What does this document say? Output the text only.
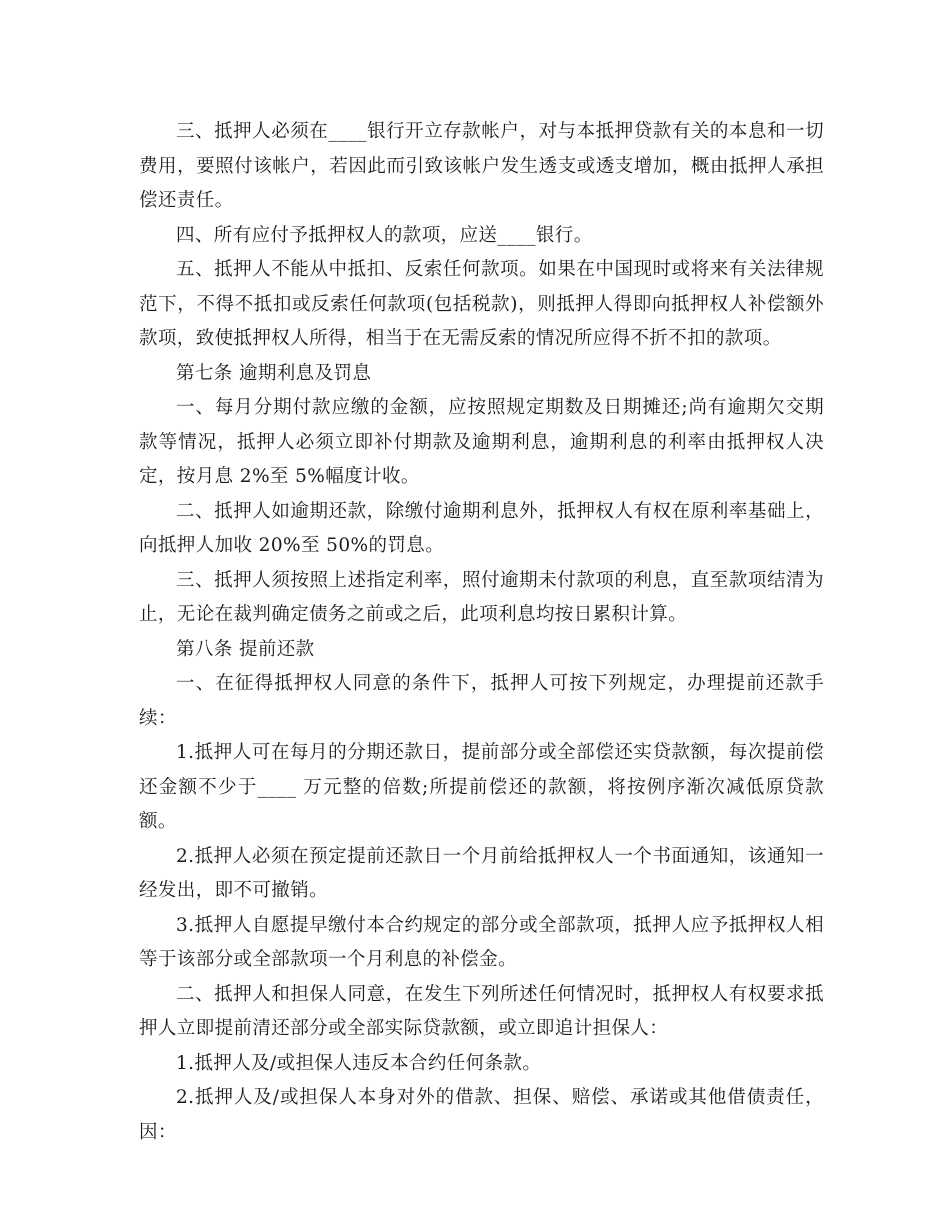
三、抵押人必须在____银行开立存款帐户，对与本抵押贷款有关的本息和一切费用，要照付该帐户，若因此而引致该帐户发生透支或透支增加，概由抵押人承担偿还责任。

四、所有应付予抵押权人的款项，应送____银行。

五、抵押人不能从中抵扣、反索任何款项。如果在中国现时或将来有关法律规范下，不得不抵扣或反索任何款项(包括税款)，则抵押人得即向抵押权人补偿额外款项，致使抵押权人所得，相当于在无需反索的情况所应得不折不扣的款项。

第七条 逾期利息及罚息

一、每月分期付款应缴的金额，应按照规定期数及日期摊还;尚有逾期欠交期款等情况，抵押人必须立即补付期款及逾期利息，逾期利息的利率由抵押权人决定，按月息 2%至 5%幅度计收。

二、抵押人如逾期还款，除缴付逾期利息外，抵押权人有权在原利率基础上，向抵押人加收 20%至 50%的罚息。

三、抵押人须按照上述指定利率，照付逾期未付款项的利息，直至款项结清为止，无论在裁判确定债务之前或之后，此项利息均按日累积计算。

第八条 提前还款

一、在征得抵押权人同意的条件下，抵押人可按下列规定，办理提前还款手续：

1.抵押人可在每月的分期还款日，提前部分或全部偿还实贷款额，每次提前偿还金额不少于____ 万元整的倍数;所提前偿还的款额，将按例序渐次减低原贷款额。

2.抵押人必须在预定提前还款日一个月前给抵押权人一个书面通知，该通知一经发出，即不可撤销。

3.抵押人自愿提早缴付本合约规定的部分或全部款项，抵押人应予抵押权人相等于该部分或全部款项一个月利息的补偿金。

二、抵押人和担保人同意，在发生下列所述任何情况时，抵押权人有权要求抵押人立即提前清还部分或全部实际贷款额，或立即追计担保人：

1.抵押人及/或担保人违反本合约任何条款。

2.抵押人及/或担保人本身对外的借款、担保、赔偿、承诺或其他借债责任，因：
